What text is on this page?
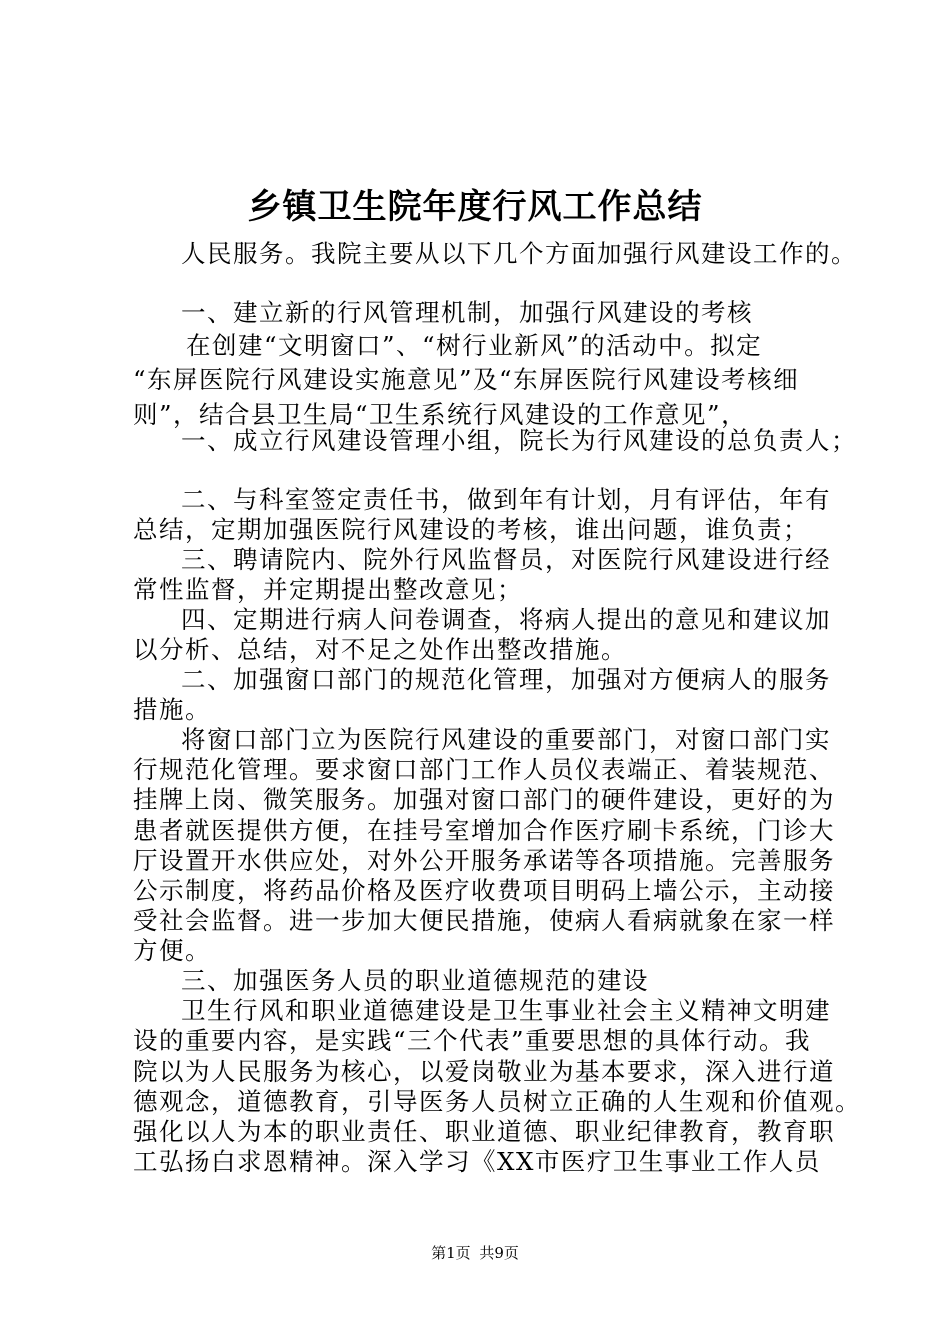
乡镇卫生院年度行风工作总结

人民服务。我院主要从以下几个方面加强行风建设工作的。

一、建立新的行风管理机制，加强行风建设的考核

在创建“文明窗口”、“树行业新风”的活动中。拟定

“东屏医院行风建设实施意见”及“东屏医院行风建设考核细

则”，结合县卫生局“卫生系统行风建设的工作意见”，

一、成立行风建设管理小组，院长为行风建设的总负责人；

二、与科室签定责任书，做到年有计划，月有评估，年有

总结，定期加强医院行风建设的考核，谁出问题，谁负责；

三、聘请院内、院外行风监督员，对医院行风建设进行经

常性监督，并定期提出整改意见；

四、定期进行病人问卷调查，将病人提出的意见和建议加

以分析、总结，对不足之处作出整改措施。

二、加强窗口部门的规范化管理，加强对方便病人的服务

措施。

将窗口部门立为医院行风建设的重要部门，对窗口部门实

行规范化管理。要求窗口部门工作人员仪表端正、着装规范、

挂牌上岗、微笑服务。加强对窗口部门的硬件建设，更好的为

患者就医提供方便，在挂号室增加合作医疗刷卡系统，门诊大

厅设置开水供应处，对外公开服务承诺等各项措施。完善服务

公示制度，将药品价格及医疗收费项目明码上墙公示，主动接

受社会监督。进一步加大便民措施，使病人看病就象在家一样

方便。

三、加强医务人员的职业道德规范的建设

卫生行风和职业道德建设是卫生事业社会主义精神文明建

设的重要内容，是实践“三个代表”重要思想的具体行动。我

院以为人民服务为核心，以爱岗敬业为基本要求，深入进行道

德观念，道德教育，引导医务人员树立正确的人生观和价值观。

强化以人为本的职业责任、职业道德、职业纪律教育，教育职

工弘扬白求恩精神。深入学习《XX市医疗卫生事业工作人员

第1页 共9页
